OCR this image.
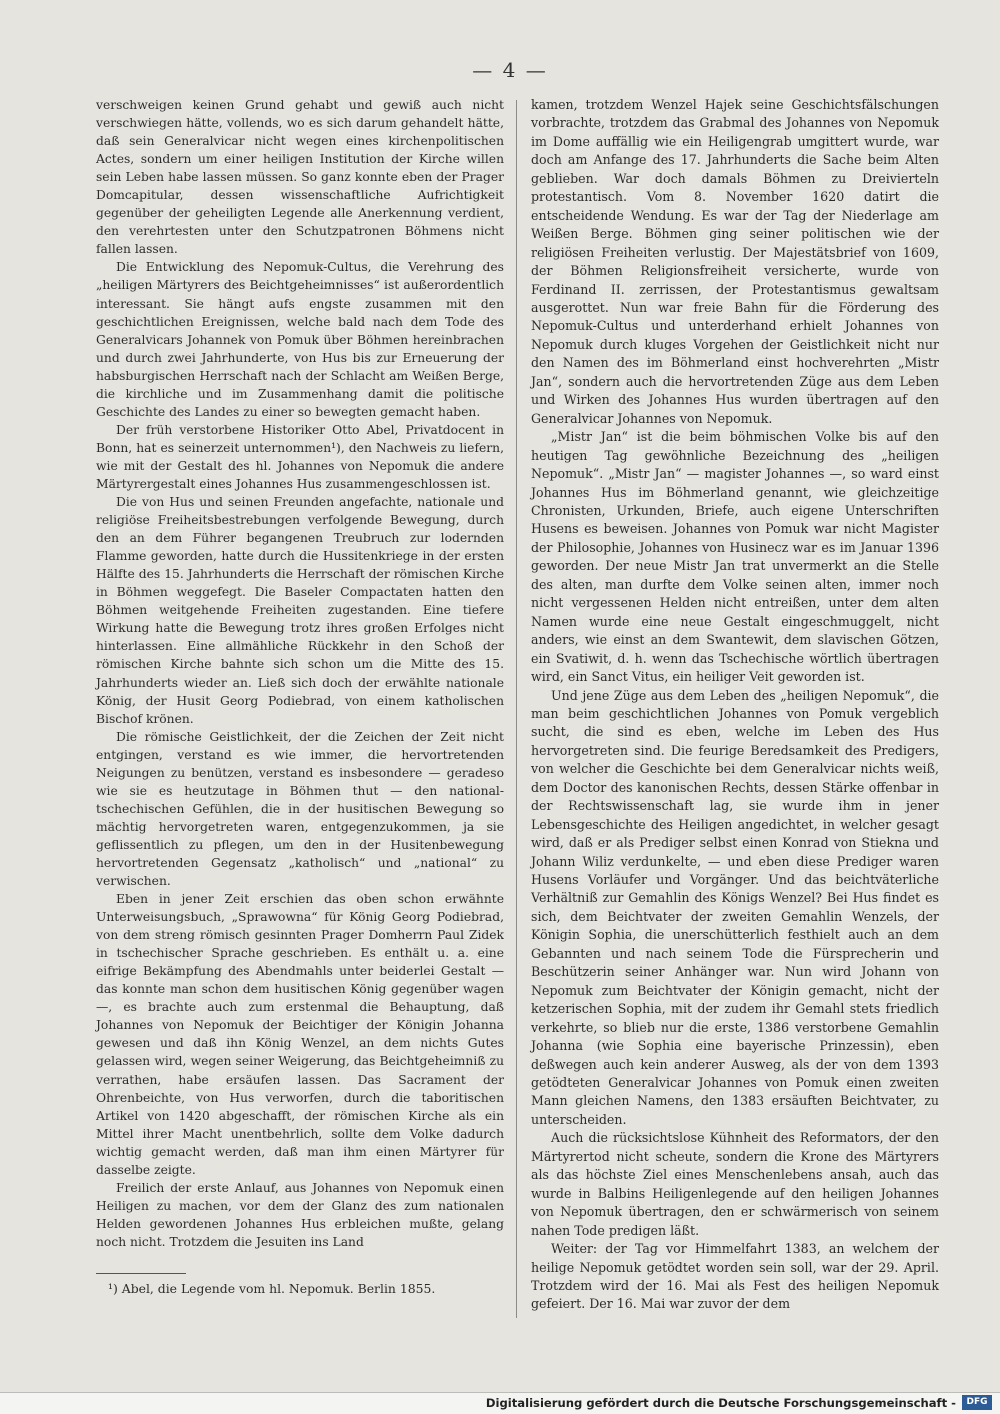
— 4 —

verschweigen keinen Grund gehabt und gewiß auch nicht verschwiegen hätte, vollends, wo es sich darum gehandelt hätte, daß sein Generalvicar nicht wegen eines kirchenpolitischen Actes, sondern um einer heiligen Institution der Kirche willen sein Leben habe lassen müssen. So ganz konnte eben der Prager Domcapitular, dessen wissenschaftliche Aufrichtigkeit gegenüber der geheiligten Legende alle Anerkennung verdient, den verehrtesten unter den Schutzpatronen Böhmens nicht fallen lassen.

Die Entwicklung des Nepomuk-Cultus, die Verehrung des „heiligen Märtyrers des Beichtgeheimnisses“ ist außerordentlich interessant. Sie hängt aufs engste zusammen mit den geschichtlichen Ereignissen, welche bald nach dem Tode des Generalvicars Johannek von Pomuk über Böhmen hereinbrachen und durch zwei Jahrhunderte, von Hus bis zur Erneuerung der habsburgischen Herrschaft nach der Schlacht am Weißen Berge, die kirchliche und im Zusammenhang damit die politische Geschichte des Landes zu einer so bewegten gemacht haben.

Der früh verstorbene Historiker Otto Abel, Privatdocent in Bonn, hat es seinerzeit unternommen¹), den Nachweis zu liefern, wie mit der Gestalt des hl. Johannes von Nepomuk die andere Märtyrergestalt eines Johannes Hus zusammengeschlossen ist.

Die von Hus und seinen Freunden angefachte, nationale und religiöse Freiheitsbestrebungen verfolgende Bewegung, durch den an dem Führer begangenen Treubruch zur lodernden Flamme geworden, hatte durch die Hussitenkriege in der ersten Hälfte des 15. Jahrhunderts die Herrschaft der römischen Kirche in Böhmen weggefegt. Die Baseler Compactaten hatten den Böhmen weitgehende Freiheiten zugestanden. Eine tiefere Wirkung hatte die Bewegung trotz ihres großen Erfolges nicht hinterlassen. Eine allmähliche Rückkehr in den Schoß der römischen Kirche bahnte sich schon um die Mitte des 15. Jahrhunderts wieder an. Ließ sich doch der erwählte nationale König, der Husit Georg Podiebrad, von einem katholischen Bischof krönen.

Die römische Geistlichkeit, der die Zeichen der Zeit nicht entgingen, verstand es wie immer, die hervortretenden Neigungen zu benützen, verstand es insbesondere — geradeso wie sie es heutzutage in Böhmen thut — den national-tschechischen Gefühlen, die in der husitischen Bewegung so mächtig hervorgetreten waren, entgegenzukommen, ja sie geflissentlich zu pflegen, um den in der Husitenbewegung hervortretenden Gegensatz „katholisch“ und „national“ zu verwischen.

Eben in jener Zeit erschien das oben schon erwähnte Unterweisungsbuch, „Sprawowna“ für König Georg Podiebrad, von dem streng römisch gesinnten Prager Domherrn Paul Zidek in tschechischer Sprache geschrieben. Es enthält u. a. eine eifrige Bekämpfung des Abendmahls unter beiderlei Gestalt — das konnte man schon dem husitischen König gegenüber wagen —, es brachte auch zum erstenmal die Behauptung, daß Johannes von Nepomuk der Beichtiger der Königin Johanna gewesen und daß ihn König Wenzel, an dem nichts Gutes gelassen wird, wegen seiner Weigerung, das Beichtgeheimniß zu verrathen, habe ersäufen lassen. Das Sacrament der Ohrenbeichte, von Hus verworfen, durch die taboritischen Artikel von 1420 abgeschafft, der römischen Kirche als ein Mittel ihrer Macht unentbehrlich, sollte dem Volke dadurch wichtig gemacht werden, daß man ihm einen Märtyrer für dasselbe zeigte.

Freilich der erste Anlauf, aus Johannes von Nepomuk einen Heiligen zu machen, vor dem der Glanz des zum nationalen Helden gewordenen Johannes Hus erbleichen mußte, gelang noch nicht. Trotzdem die Jesuiten ins Land

kamen, trotzdem Wenzel Hajek seine Geschichtsfälschungen vorbrachte, trotzdem das Grabmal des Johannes von Nepomuk im Dome auffällig wie ein Heiligengrab umgittert wurde, war doch am Anfange des 17. Jahrhunderts die Sache beim Alten geblieben. War doch damals Böhmen zu Dreivierteln protestantisch. Vom 8. November 1620 datirt die entscheidende Wendung. Es war der Tag der Niederlage am Weißen Berge. Böhmen ging seiner politischen wie der religiösen Freiheiten verlustig. Der Majestätsbrief von 1609, der Böhmen Religionsfreiheit versicherte, wurde von Ferdinand II. zerrissen, der Protestantismus gewaltsam ausgerottet. Nun war freie Bahn für die Förderung des Nepomuk-Cultus und unterderhand erhielt Johannes von Nepomuk durch kluges Vorgehen der Geistlichkeit nicht nur den Namen des im Böhmerland einst hochverehrten „Mistr Jan“, sondern auch die hervortretenden Züge aus dem Leben und Wirken des Johannes Hus wurden übertragen auf den Generalvicar Johannes von Nepomuk.

„Mistr Jan“ ist die beim böhmischen Volke bis auf den heutigen Tag gewöhnliche Bezeichnung des „heiligen Nepomuk“. „Mistr Jan“ — magister Johannes —, so ward einst Johannes Hus im Böhmerland genannt, wie gleichzeitige Chronisten, Urkunden, Briefe, auch eigene Unterschriften Husens es beweisen. Johannes von Pomuk war nicht Magister der Philosophie, Johannes von Husinecz war es im Januar 1396 geworden. Der neue Mistr Jan trat unvermerkt an die Stelle des alten, man durfte dem Volke seinen alten, immer noch nicht vergessenen Helden nicht entreißen, unter dem alten Namen wurde eine neue Gestalt eingeschmuggelt, nicht anders, wie einst an dem Swantewit, dem slavischen Götzen, ein Svatiwit, d. h. wenn das Tschechische wörtlich übertragen wird, ein Sanct Vitus, ein heiliger Veit geworden ist.

Und jene Züge aus dem Leben des „heiligen Nepomuk“, die man beim geschichtlichen Johannes von Pomuk vergeblich sucht, die sind es eben, welche im Leben des Hus hervorgetreten sind. Die feurige Beredsamkeit des Predigers, von welcher die Geschichte bei dem Generalvicar nichts weiß, dem Doctor des kanonischen Rechts, dessen Stärke offenbar in der Rechtswissenschaft lag, sie wurde ihm in jener Lebensgeschichte des Heiligen angedichtet, in welcher gesagt wird, daß er als Prediger selbst einen Konrad von Stiekna und Johann Wiliz verdunkelte, — und eben diese Prediger waren Husens Vorläufer und Vorgänger. Und das beichtväterliche Verhältniß zur Gemahlin des Königs Wenzel? Bei Hus findet es sich, dem Beichtvater der zweiten Gemahlin Wenzels, der Königin Sophia, die unerschütterlich festhielt auch an dem Gebannten und nach seinem Tode die Fürsprecherin und Beschützerin seiner Anhänger war. Nun wird Johann von Nepomuk zum Beichtvater der Königin gemacht, nicht der ketzerischen Sophia, mit der zudem ihr Gemahl stets friedlich verkehrte, so blieb nur die erste, 1386 verstorbene Gemahlin Johanna (wie Sophia eine bayerische Prinzessin), eben deßwegen auch kein anderer Ausweg, als der von dem 1393 getödteten Generalvicar Johannes von Pomuk einen zweiten Mann gleichen Namens, den 1383 ersäuften Beichtvater, zu unterscheiden.

Auch die rücksichtslose Kühnheit des Reformators, der den Märtyrertod nicht scheute, sondern die Krone des Märtyrers als das höchste Ziel eines Menschenlebens ansah, auch das wurde in Balbins Heiligenlegende auf den heiligen Johannes von Nepomuk übertragen, den er schwärmerisch von seinem nahen Tode predigen läßt.

Weiter: der Tag vor Himmelfahrt 1383, an welchem der heilige Nepomuk getödtet worden sein soll, war der 29. April. Trotzdem wird der 16. Mai als Fest des heiligen Nepomuk gefeiert. Der 16. Mai war zuvor der dem

¹) Abel, die Legende vom hl. Nepomuk. Berlin 1855.
Digitalisierung gefördert durch die Deutsche Forschungsgemeinschaft -	DFG
